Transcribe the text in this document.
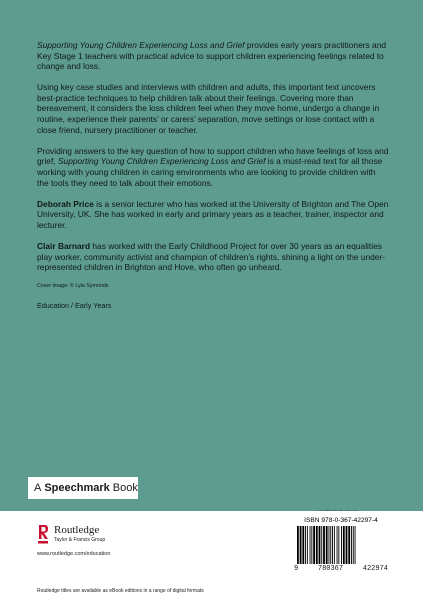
Supporting Young Children Experiencing Loss and Grief provides early years practitioners and Key Stage 1 teachers with practical advice to support children experiencing feelings related to change and loss.

Using key case studies and interviews with children and adults, this important text uncovers best-practice techniques to help children talk about their feelings. Covering more than bereavement, it considers the loss children feel when they move home, undergo a change in routine, experience their parents’ or carers’ separation, move settings or lose contact with a close friend, nursery practitioner or teacher.

Providing answers to the key question of how to support children who have feelings of loss and grief, Supporting Young Children Experiencing Loss and Grief is a must-read text for all those working with young children in caring environments who are looking to provide children with the tools they need to talk about their emotions.

Deborah Price is a senior lecturer who has worked at the University of Brighton and The Open University, UK. She has worked in early and primary years as a teacher, trainer, inspector and lecturer.

Clair Barnard has worked with the Early Childhood Project for over 30 years as an equalities play worker, community activist and champion of children’s rights, shining a light on the under-represented children in Brighton and Hove, who often go unheard.

Cover image: © Lyla Symonds
Education / Early Years
A Speechmark Book
Routledge
Taylor & Francis Group
www.routledge.com/education
Routledge titles are available as eBook editions in a range of digital formats
ISBN 978-0-367-42297-4
9	780367	422974
